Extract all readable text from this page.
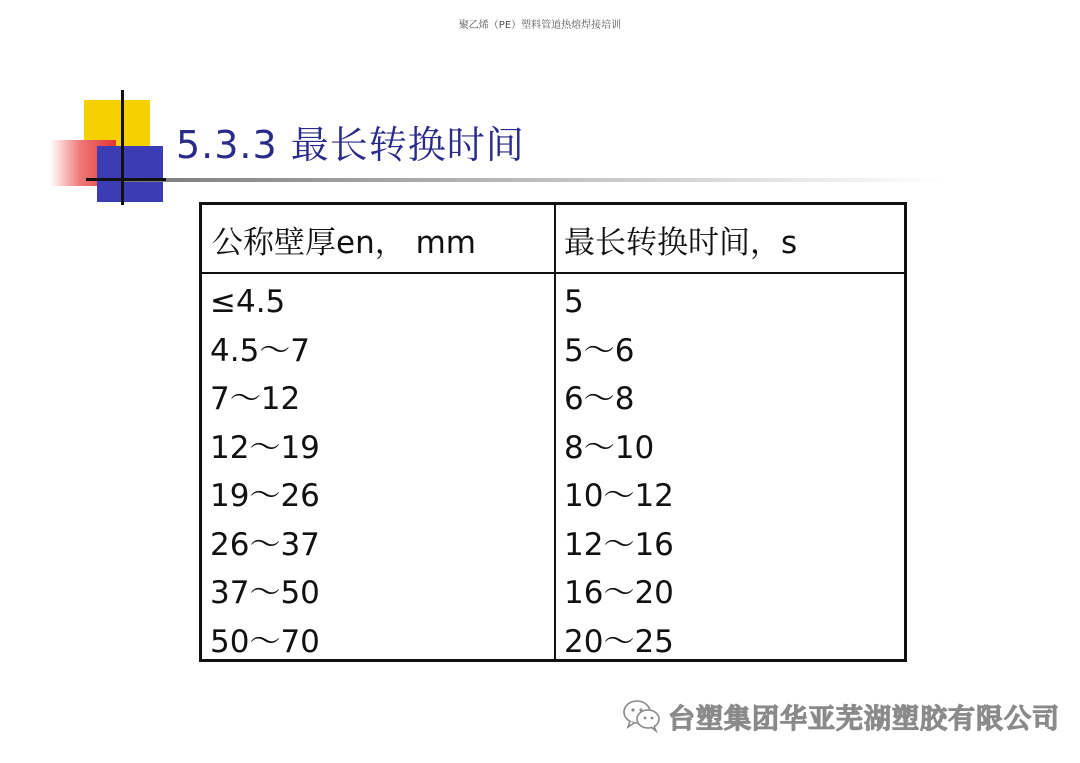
聚乙烯（PE）塑料管道热熔焊接培训
5.3.3 最长转换时间
公称壁厚en， mm	最长转换时间，s
≤4.5	5
4.5～7	5～6
7～12	6～8
12～19	8～10
19～26	10～12
26～37	12～16
37～50	16～20
50～70	20～25
台塑集团华亚芜湖塑胶有限公司
